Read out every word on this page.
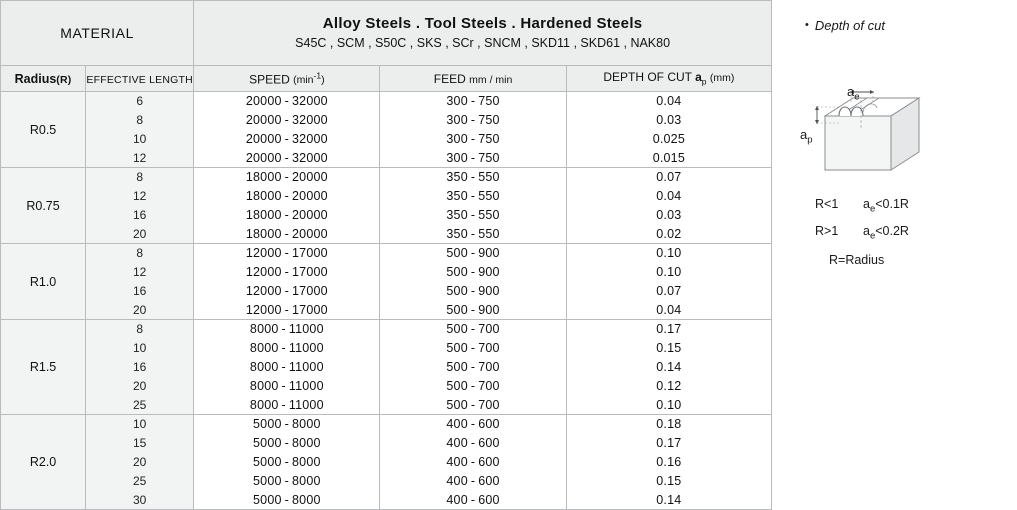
MATERIAL		Alloy Steels . Tool Steels . Hardened Steels
S45C , SCM , S50C , SKS , SCr , SNCM , SKD11 , SKD61 , NAK80		

Radius(R)	EFFECTIVE LENGTH	SPEED $(\min^{-1})$	FEED mm / min	DEPTH OF CUT $a_p$ (mm)
R0.5	6	20000 - 32000	300 - 750	0.04
	8	20000 - 32000	300 - 750	0.03
	10	20000 - 32000	300 - 750	0.025
	12	20000 - 32000	300 - 750	0.015
R0.75	8	18000 - 20000	350 - 550	0.07
	12	18000 - 20000	350 - 550	0.04
	16	18000 - 20000	350 - 550	0.03
	20	18000 - 20000	350 - 550	0.02
R1.0	8	12000 - 17000	500 - 900	0.10
	12	12000 - 17000	500 - 900	0.10
	16	12000 - 17000	500 - 900	0.07
	20	12000 - 17000	500 - 900	0.04
R1.5	8	8000 - 11000	500 - 700	0.17
	10	8000 - 11000	500 - 700	0.15
	16	8000 - 11000	500 - 700	0.14
	20	8000 - 11000	500 - 700	0.12
	25	8000 - 11000	500 - 700	0.10
R2.0	10	5000 - 8000	400 - 600	0.18
	15	5000 - 8000	400 - 600	0.17
	20	5000 - 8000	400 - 600	0.16
	25	5000 - 8000	400 - 600	0.15
	30	5000 - 8000	400 - 600	0.14
• Depth of cut
$a_e$
$a_p$
R<1	$a_e<0.1R$
R>1	$a_e<0.2R$
R=Radius
